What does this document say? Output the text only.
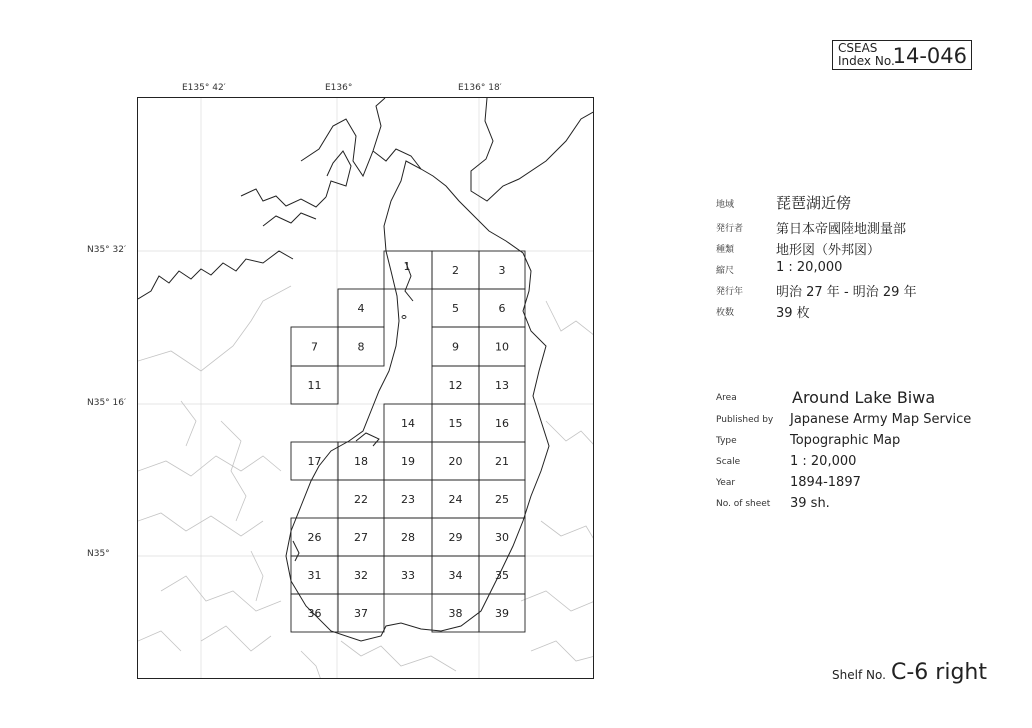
CSEAS
Index No.
14-046
E135° 42′	E136°	E136° 18′
N35° 32′
N35° 16′
N35°
1	2	3
4	5	6
7	8	9	10
11	12	13
14	15	16
17	18	19	20	21
22	23	24	25
26	27	28	29	30
31	32	33	34	35
36	37	38	39
地域	琵琶湖近傍
発行者	第日本帝國陸地測量部
種類	地形図（外邦図）
縮尺	1 : 20,000
発行年	明治 27 年 - 明治 29 年
枚数	39 枚
Area	Around Lake Biwa
Published by Japanese Army Map Service
Type	Topographic Map
Scale	1 : 20,000
Year	1894-1897
No. of sheet 39 sh.
Shelf No. C-6 right
